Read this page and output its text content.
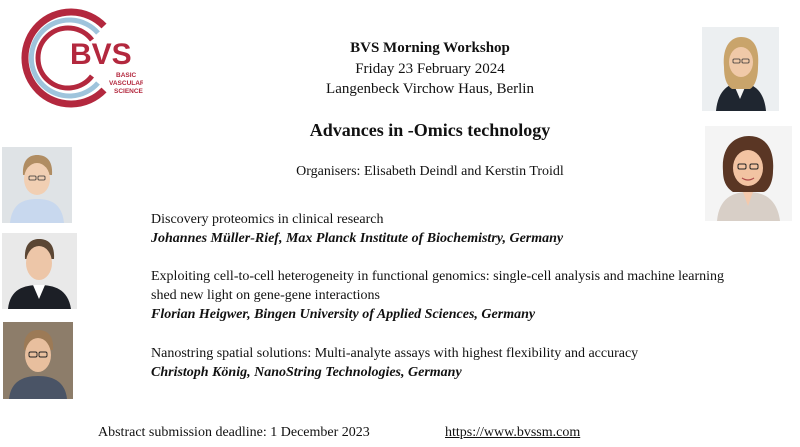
BVS
BASIC
VASCULAR
SCIENCE
BVS Morning Workshop
Friday 23 February 2024
Langenbeck Virchow Haus, Berlin
Advances in -Omics technology
Organisers: Elisabeth Deindl and Kerstin Troidl
Discovery proteomics in clinical research
Johannes Müller-Rief, Max Planck Institute of Biochemistry, Germany
Exploiting cell-to-cell heterogeneity in functional genomics: single-cell analysis and machine learning shed new light on gene-gene interactions
Florian Heigwer, Bingen University of Applied Sciences, Germany
Nanostring spatial solutions: Multi-analyte assays with highest flexibility and accuracy
Christoph König, NanoString Technologies, Germany
Abstract submission deadline: 1 December 2023	https://www.bvssm.com
